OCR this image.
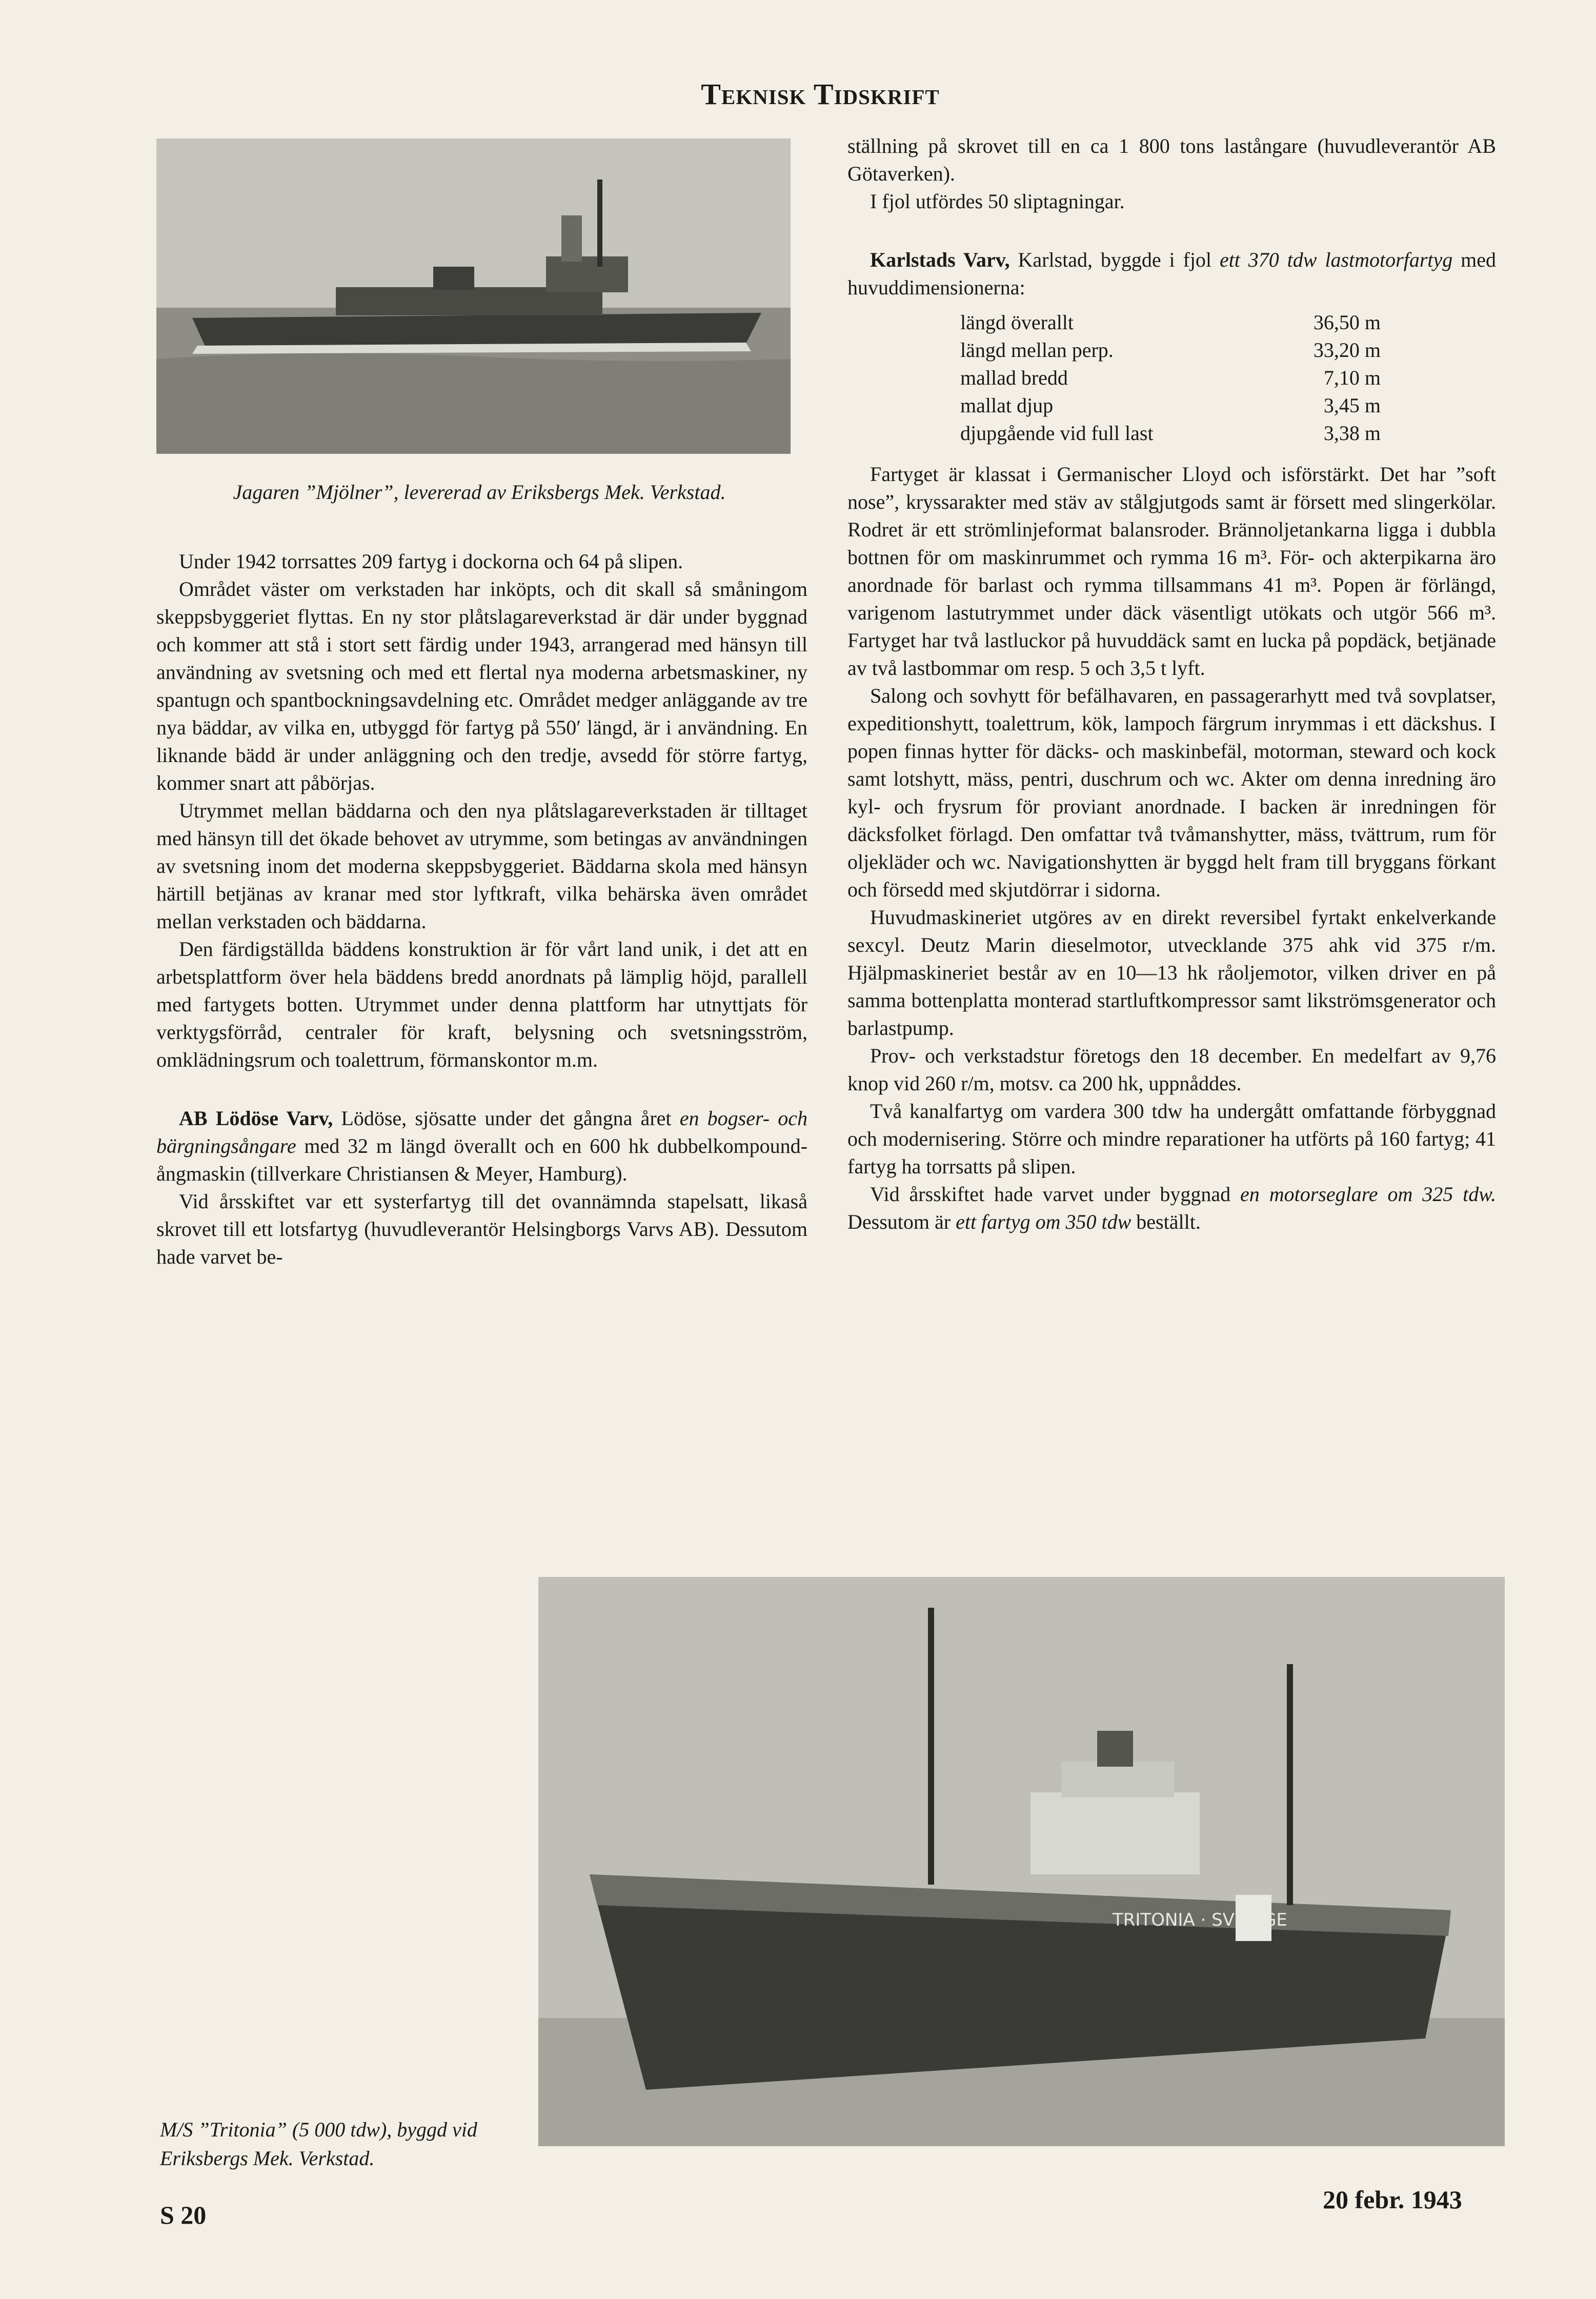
Teknisk Tidskrift
Jagaren ”Mjölner”, levererad av Eriksbergs Mek. Verkstad.

Under 1942 torrsattes 209 fartyg i dockorna och 64 på slipen.

Området väster om verkstaden har inköpts, och dit skall så småningom skeppsbyggeriet flyttas. En ny stor plåtslagareverkstad är där under byggnad och kommer att stå i stort sett färdig under 1943, arrangerad med hänsyn till användning av svetsning och med ett flertal nya moderna arbetsmaskiner, ny spantugn och spantbockningsavdelning etc. Området medger anläggande av tre nya bäddar, av vilka en, utbyggd för fartyg på 550′ längd, är i användning. En liknande bädd är under anläggning och den tredje, avsedd för större fartyg, kommer snart att påbörjas.

Utrymmet mellan bäddarna och den nya plåtslagareverkstaden är tilltaget med hänsyn till det ökade behovet av utrymme, som betingas av användningen av svetsning inom det moderna skeppsbyggeriet. Bäddarna skola med hänsyn härtill betjänas av kranar med stor lyftkraft, vilka behärska även området mellan verkstaden och bäddarna.

Den färdigställda bäddens konstruktion är för vårt land unik, i det att en arbetsplattform över hela bäddens bredd anordnats på lämplig höjd, parallell med fartygets botten. Utrymmet under denna plattform har utnyttjats för verktygsförråd, centraler för kraft, belysning och svetsningsström, omklädningsrum och toalettrum, förmanskontor m.m.

AB Lödöse Varv, Lödöse, sjösatte under det gångna året en bogser- och bärgningsångare med 32 m längd överallt och en 600 hk dubbelkompound-ångmaskin (tillverkare Christiansen & Meyer, Hamburg).

Vid årsskiftet var ett systerfartyg till det ovannämnda stapelsatt, likaså skrovet till ett lotsfartyg (huvudleverantör Helsingborgs Varvs AB). Dessutom hade varvet be-

ställning på skrovet till en ca 1 800 tons lastångare (huvudleverantör AB Götaverken).

I fjol utfördes 50 sliptagningar.

Karlstads Varv, Karlstad, byggde i fjol ett 370 tdw lastmotorfartyg med huvuddimensionerna:

längd överallt	36,50 m
längd mellan perp.	33,20 m
mallad bredd	7,10 m
mallat djup	3,45 m
djupgående vid full last	3,38 m

Fartyget är klassat i Germanischer Lloyd och isförstärkt. Det har ”soft nose”, kryssarakter med stäv av stålgjutgods samt är försett med slingerkölar. Rodret är ett strömlinjeformat balansroder. Brännoljetankarna ligga i dubbla bottnen för om maskinrummet och rymma 16 m³. För- och akterpikarna äro anordnade för barlast och rymma tillsammans 41 m³. Popen är förlängd, varigenom lastutrymmet under däck väsentligt utökats och utgör 566 m³. Fartyget har två lastluckor på huvuddäck samt en lucka på popdäck, betjänade av två lastbommar om resp. 5 och 3,5 t lyft.

Salong och sovhytt för befälhavaren, en passagerarhytt med två sovplatser, expeditionshytt, toalettrum, kök, lampoch färgrum inrymmas i ett däckshus. I popen finnas hytter för däcks- och maskinbefäl, motorman, steward och kock samt lotshytt, mäss, pentri, duschrum och wc. Akter om denna inredning äro kyl- och frysrum för proviant anordnade. I backen är inredningen för däcksfolket förlagd. Den omfattar två tvåmanshytter, mäss, tvättrum, rum för oljekläder och wc. Navigationshytten är byggd helt fram till bryggans förkant och försedd med skjutdörrar i sidorna.

Huvudmaskineriet utgöres av en direkt reversibel fyrtakt enkelverkande sexcyl. Deutz Marin dieselmotor, utvecklande 375 ahk vid 375 r/m. Hjälpmaskineriet består av en 10—13 hk råoljemotor, vilken driver en på samma bottenplatta monterad startluftkompressor samt likströmsgenerator och barlastpump.

Prov- och verkstadstur företogs den 18 december. En medelfart av 9,76 knop vid 260 r/m, motsv. ca 200 hk, uppnåddes.

Två kanalfartyg om vardera 300 tdw ha undergått omfattande förbyggnad och modernisering. Större och mindre reparationer ha utförts på 160 fartyg; 41 fartyg ha torrsatts på slipen.

Vid årsskiftet hade varvet under byggnad en motorseglare om 325 tdw. Dessutom är ett fartyg om 350 tdw beställt.

TRITONIA · SVERIGE
M/S ”Tritonia” (5 000 tdw), byggd vid Eriksbergs Mek. Verkstad.
S 20
20 febr. 1943
